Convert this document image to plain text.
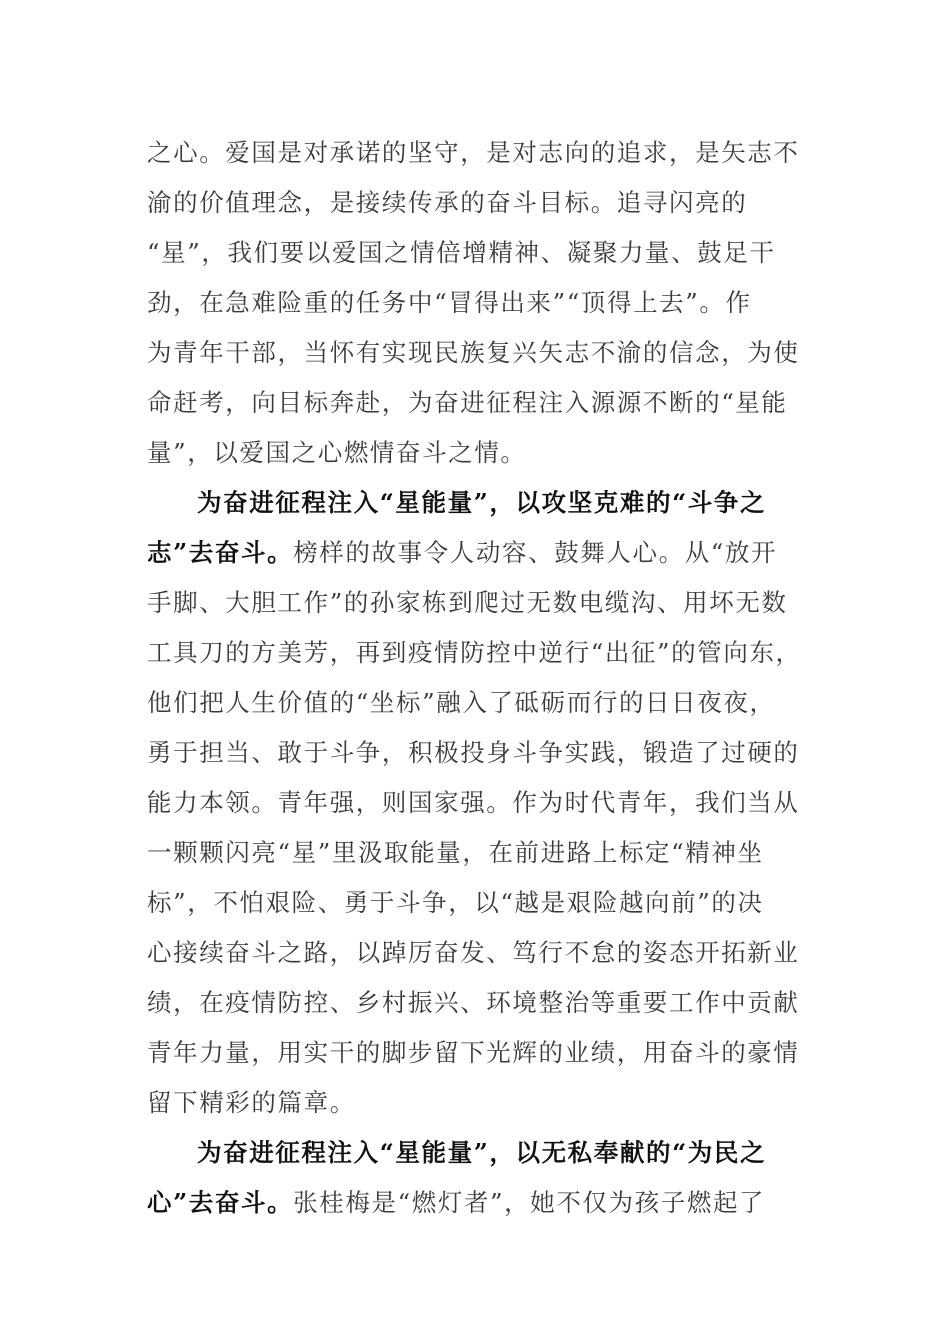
之心。爱国是对承诺的坚守，是对志向的追求，是矢志不
渝的价值理念，是接续传承的奋斗目标。追寻闪亮的
“星”，我们要以爱国之情倍增精神、凝聚力量、鼓足干
劲，在急难险重的任务中“冒得出来”“顶得上去”。作
为青年干部，当怀有实现民族复兴矢志不渝的信念，为使
命赶考，向目标奔赴，为奋进征程注入源源不断的“星能
量”，以爱国之心燃情奋斗之情。
为奋进征程注入“星能量”，以攻坚克难的“斗争之
志”去奋斗。榜样的故事令人动容、鼓舞人心。从“放开
手脚、大胆工作”的孙家栋到爬过无数电缆沟、用坏无数
工具刀的方美芳，再到疫情防控中逆行“出征”的管向东，
他们把人生价值的“坐标”融入了砥砺而行的日日夜夜，
勇于担当、敢于斗争，积极投身斗争实践，锻造了过硬的
能力本领。青年强，则国家强。作为时代青年，我们当从
一颗颗闪亮“星”里汲取能量，在前进路上标定“精神坐
标”，不怕艰险、勇于斗争，以“越是艰险越向前”的决
心接续奋斗之路，以踔厉奋发、笃行不怠的姿态开拓新业
绩，在疫情防控、乡村振兴、环境整治等重要工作中贡献
青年力量，用实干的脚步留下光辉的业绩，用奋斗的豪情
留下精彩的篇章。
为奋进征程注入“星能量”，以无私奉献的“为民之
心”去奋斗。张桂梅是“燃灯者”，她不仅为孩子燃起了
